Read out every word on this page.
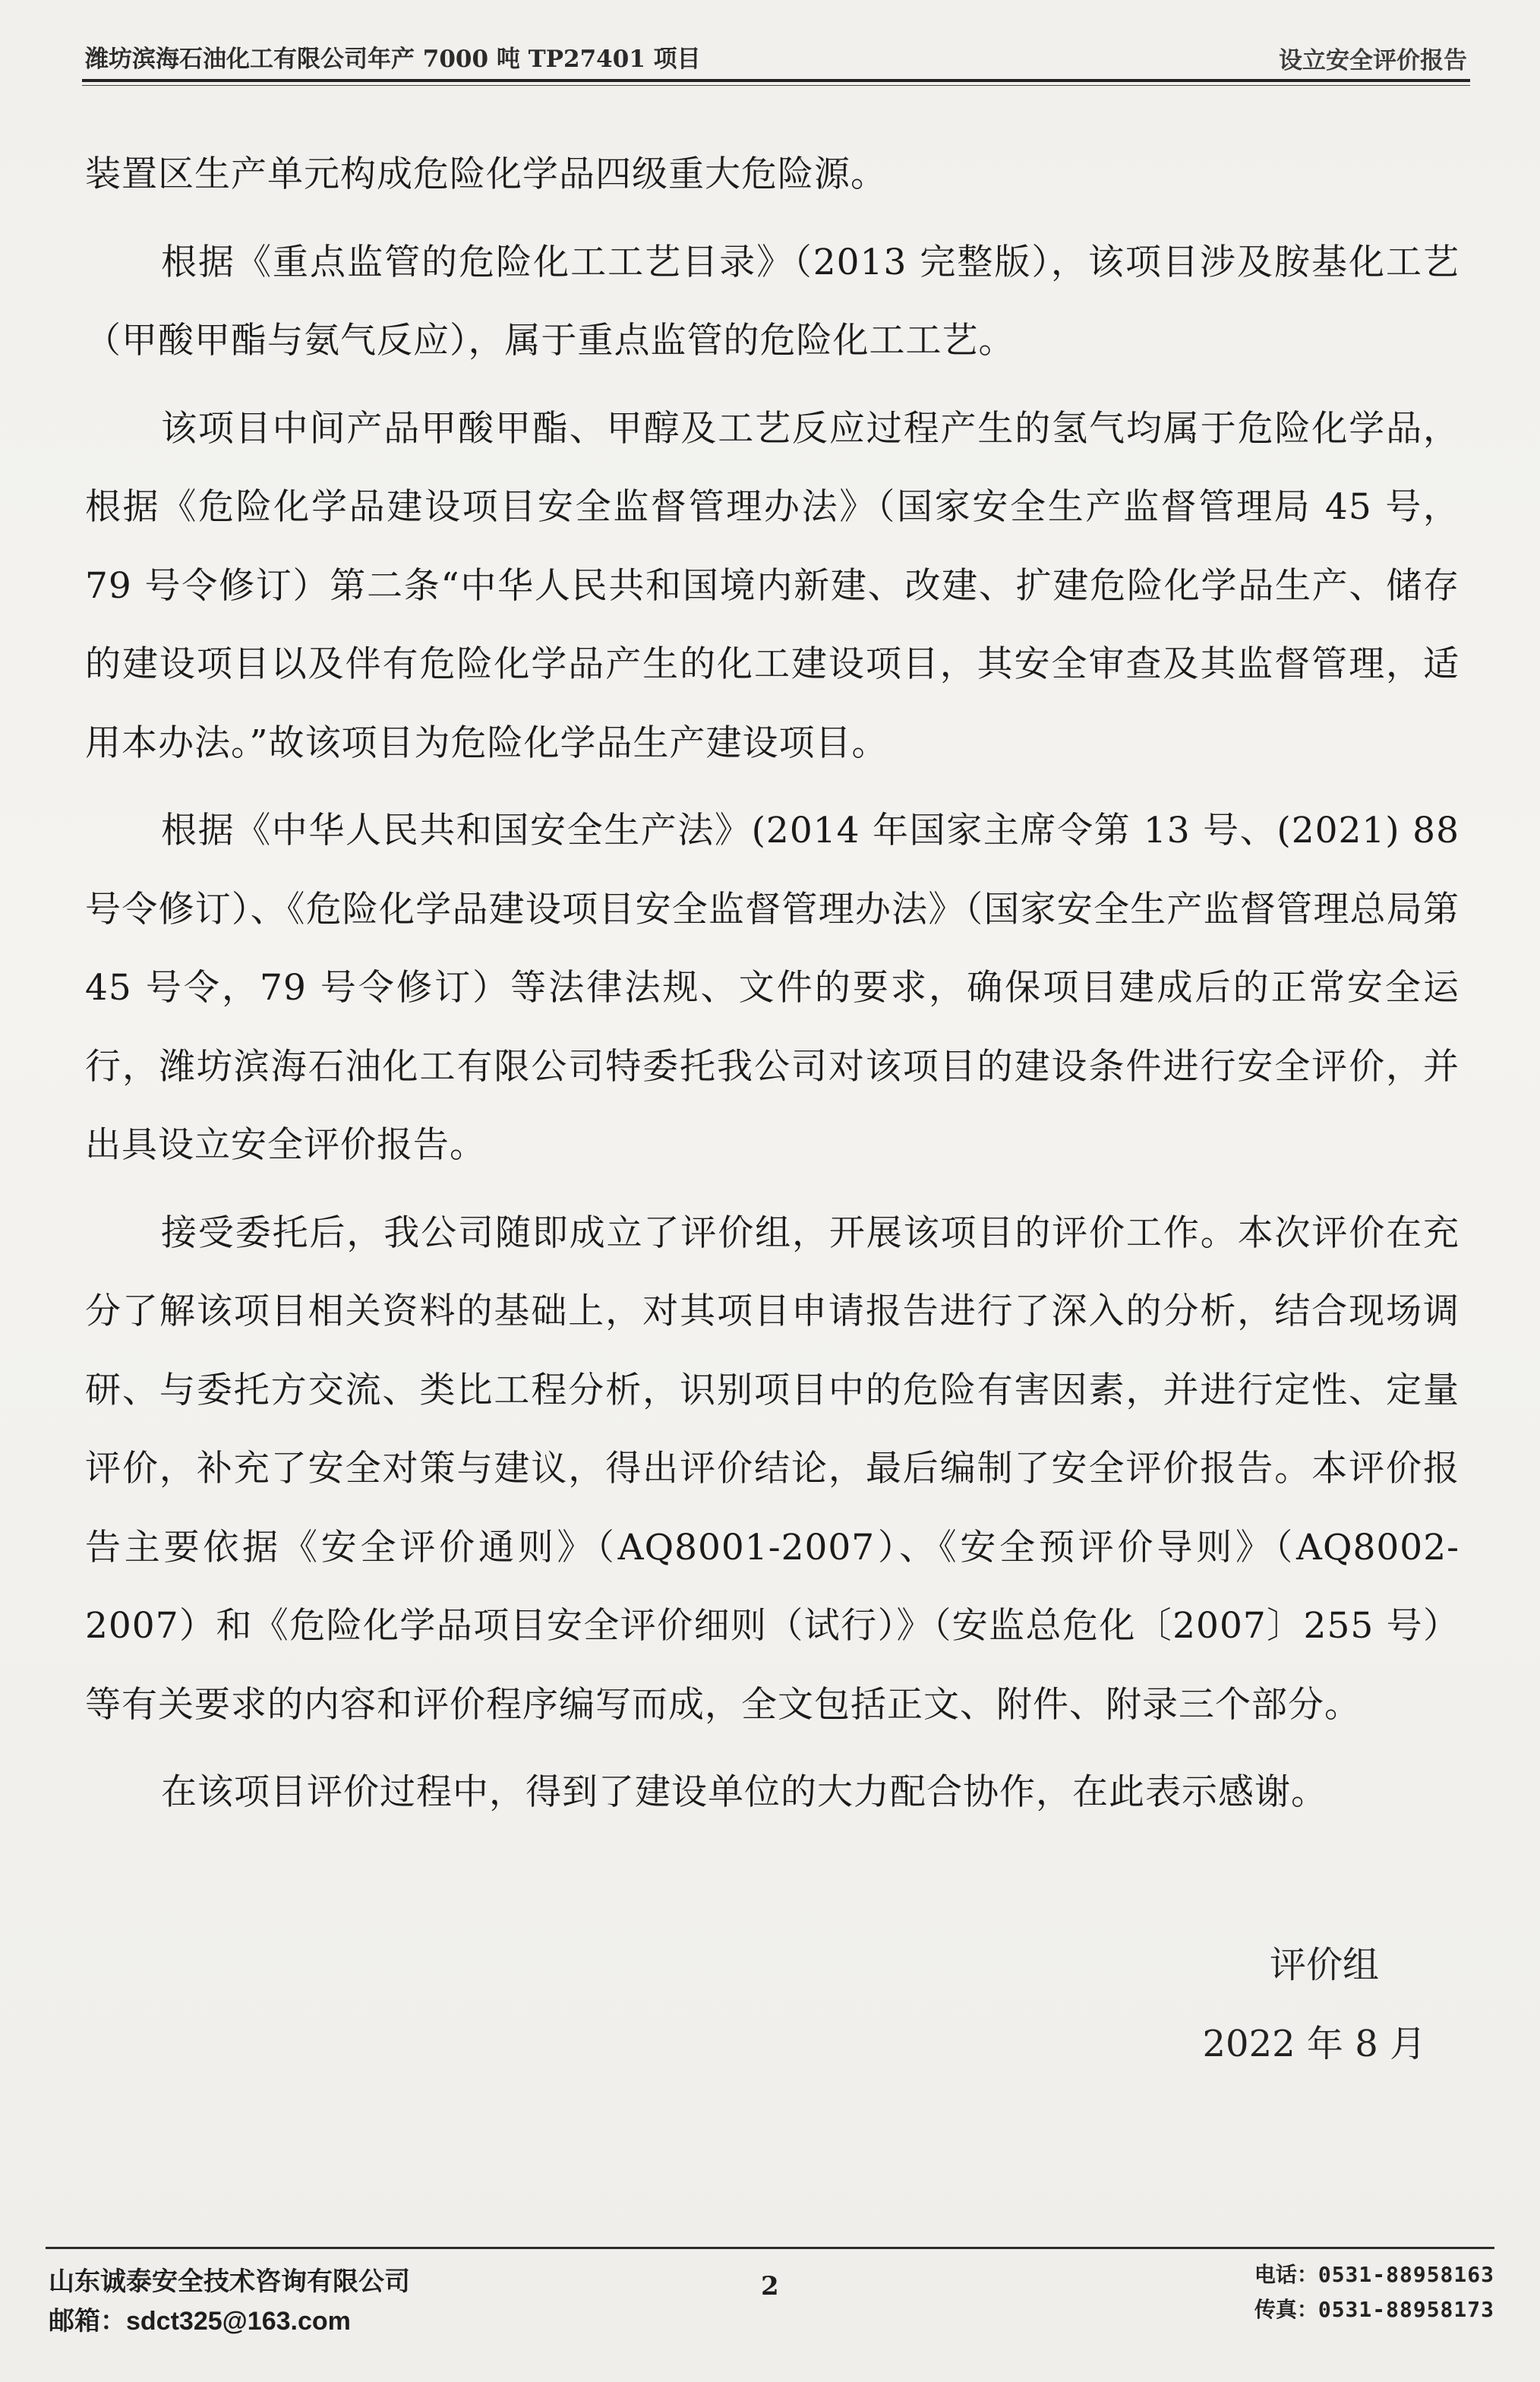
潍坊滨海石油化工有限公司年产 7000 吨 TP27401 项目	设立安全评价报告

装置区生产单元构成危险化学品四级重大危险源。

根据《重点监管的危险化工工艺目录》（2013 完整版），该项目涉及胺基化工艺（甲酸甲酯与氨气反应），属于重点监管的危险化工工艺。

该项目中间产品甲酸甲酯、甲醇及工艺反应过程产生的氢气均属于危险化学品，根据《危险化学品建设项目安全监督管理办法》（国家安全生产监督管理局 45 号，79 号令修订）第二条“中华人民共和国境内新建、改建、扩建危险化学品生产、储存的建设项目以及伴有危险化学品产生的化工建设项目，其安全审查及其监督管理，适用本办法。”故该项目为危险化学品生产建设项目。

根据《中华人民共和国安全生产法》(2014 年国家主席令第 13 号、(2021) 88 号令修订）、《危险化学品建设项目安全监督管理办法》（国家安全生产监督管理总局第 45 号令，79 号令修订）等法律法规、文件的要求，确保项目建成后的正常安全运行，潍坊滨海石油化工有限公司特委托我公司对该项目的建设条件进行安全评价，并出具设立安全评价报告。

接受委托后，我公司随即成立了评价组，开展该项目的评价工作。本次评价在充分了解该项目相关资料的基础上，对其项目申请报告进行了深入的分析，结合现场调研、与委托方交流、类比工程分析，识别项目中的危险有害因素，并进行定性、定量评价，补充了安全对策与建议，得出评价结论，最后编制了安全评价报告。本评价报告主要依据《安全评价通则》（AQ8001-2007）、《安全预评价导则》（AQ8002-2007）和《危险化学品项目安全评价细则（试行）》（安监总危化〔2007〕255 号）等有关要求的内容和评价程序编写而成，全文包括正文、附件、附录三个部分。

在该项目评价过程中，得到了建设单位的大力配合协作，在此表示感谢。

评价组
2022 年 8 月
山东诚泰安全技术咨询有限公司
邮箱：sdct325@163.com
2	电话：0531-88958163
传真：0531-88958173
